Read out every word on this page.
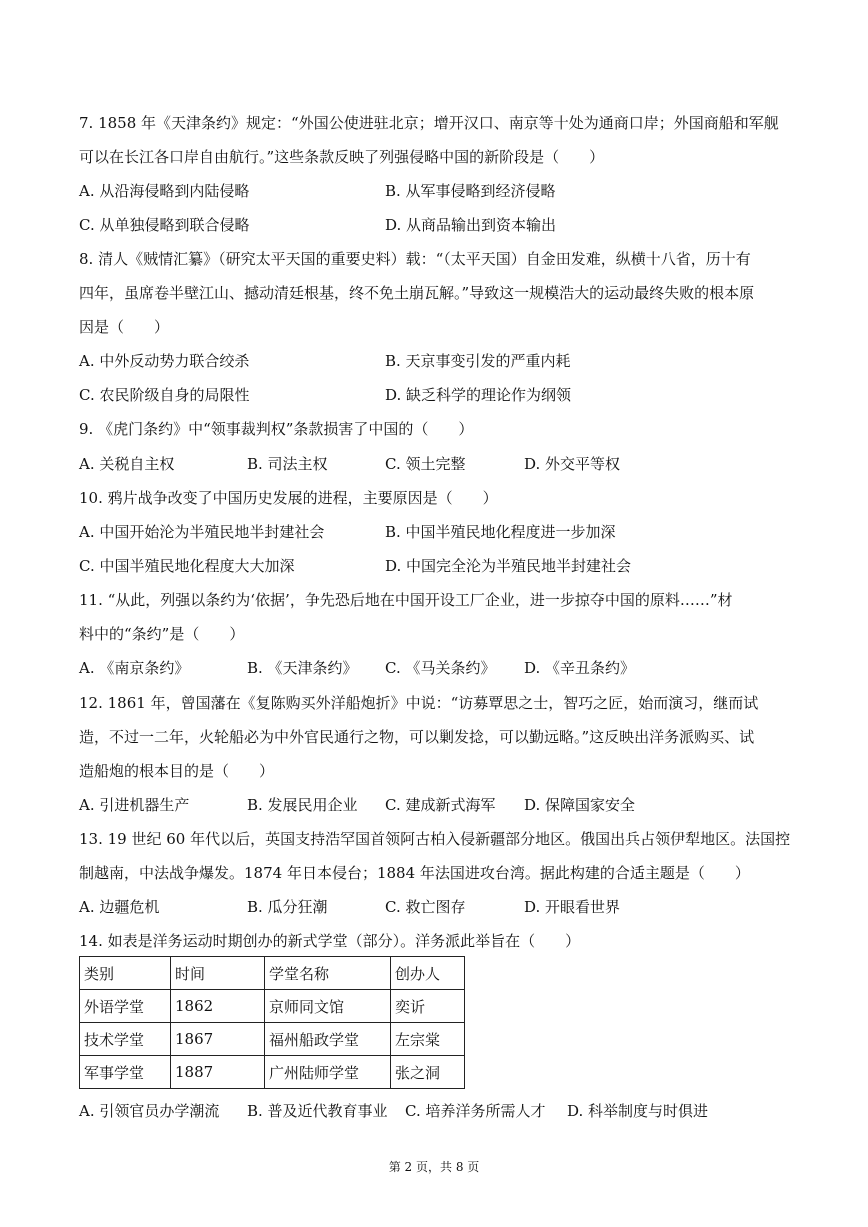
7. 1858 年《天津条约》规定：“外国公使进驻北京；增开汉口、南京等十处为通商口岸；外国商船和军舰
可以在长江各口岸自由航行。”这些条款反映了列强侵略中国的新阶段是（　　）
A. 从沿海侵略到内陆侵略	B. 从军事侵略到经济侵略
C. 从单独侵略到联合侵略	D. 从商品输出到资本输出
8. 清人《贼情汇纂》（研究太平天国的重要史料）载：“（太平天国）自金田发难，纵横十八省，历十有
四年，虽席卷半壁江山、撼动清廷根基，终不免土崩瓦解。”导致这一规模浩大的运动最终失败的根本原
因是（　　）
A. 中外反动势力联合绞杀	B. 天京事变引发的严重内耗
C. 农民阶级自身的局限性	D. 缺乏科学的理论作为纲领
9. 《虎门条约》中“领事裁判权”条款损害了中国的（　　）
A. 关税自主权	B. 司法主权	C. 领土完整	D. 外交平等权
10. 鸦片战争改变了中国历史发展的进程，主要原因是（　　）
A. 中国开始沦为半殖民地半封建社会	B. 中国半殖民地化程度进一步加深
C. 中国半殖民地化程度大大加深	D. 中国完全沦为半殖民地半封建社会
11. “从此，列强以条约为‘依据’，争先恐后地在中国开设工厂企业，进一步掠夺中国的原料……”材
料中的“条约”是（　　）
A. 《南京条约》	B. 《天津条约》 C. 《马关条约》 D. 《辛丑条约》
12. 1861 年，曾国藩在《复陈购买外洋船炮折》中说：“访募覃思之士，智巧之匠，始而演习，继而试
造，不过一二年，火轮船必为中外官民通行之物，可以剿发捻，可以勤远略。”这反映出洋务派购买、试
造船炮的根本目的是（　　）
A. 引进机器生产	B. 发展民用企业 C. 建成新式海军 D. 保障国家安全
13. 19 世纪 60 年代以后，英国支持浩罕国首领阿古柏入侵新疆部分地区。俄国出兵占领伊犁地区。法国控
制越南，中法战争爆发。1874 年日本侵台；1884 年法国进攻台湾。据此构建的合适主题是（　　）
A. 边疆危机	B. 瓜分狂潮	C. 救亡图存	D. 开眼看世界
14. 如表是洋务运动时期创办的新式学堂（部分）。洋务派此举旨在（　　）
类别	时间	学堂名称	创办人
外语学堂	1862	京师同文馆	奕䜣
技术学堂	1867	福州船政学堂	左宗棠
军事学堂	1887	广州陆师学堂	张之洞
A. 引领官员办学潮流 B. 普及近代教育事业 C. 培养洋务所需人才 D. 科举制度与时俱进
第 2 页，共 8 页
